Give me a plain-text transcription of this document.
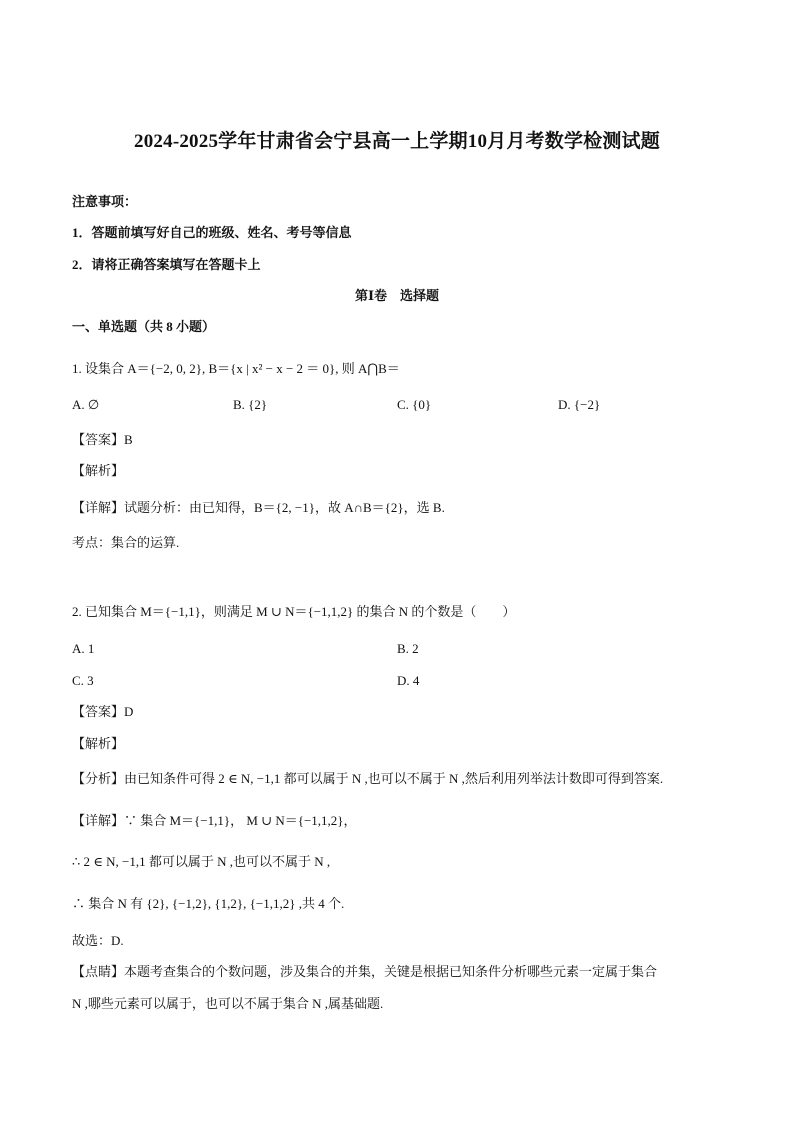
2024-2025学年甘肃省会宁县高一上学期10月月考数学检测试题
注意事项：
1．答题前填写好自己的班级、姓名、考号等信息
2．请将正确答案填写在答题卡上
第Ⅰ卷　选择题
一、单选题（共 8 小题）
1. 设集合 A＝{−2, 0, 2}, B＝{x | x² − x − 2 ＝ 0}, 则 A⋂B＝
A. ∅	B. {2}	C. {0}	D. {−2}
【答案】B
【解析】
【详解】试题分析：由已知得，B＝{2, −1}，故 A∩B＝{2}，选 B.
考点：集合的运算.
2. 已知集合 M＝{−1,1}，则满足 M ∪ N＝{−1,1,2} 的集合 N 的个数是（　　）
A. 1	B. 2
C. 3	D. 4
【答案】D
【解析】
【分析】由已知条件可得 2 ∈ N, −1,1 都可以属于 N ,也可以不属于 N ,然后利用列举法计数即可得到答案.
【详解】∵ 集合 M＝{−1,1}， M ∪ N＝{−1,1,2}，
∴ 2 ∈ N, −1,1 都可以属于 N ,也可以不属于 N ,
∴ 集合 N 有 {2}, {−1,2}, {1,2}, {−1,1,2} ,共 4 个.
故选：D.
【点睛】本题考查集合的个数问题，涉及集合的并集，关键是根据已知条件分析哪些元素一定属于集合
N ,哪些元素可以属于，也可以不属于集合 N ,属基础题.
